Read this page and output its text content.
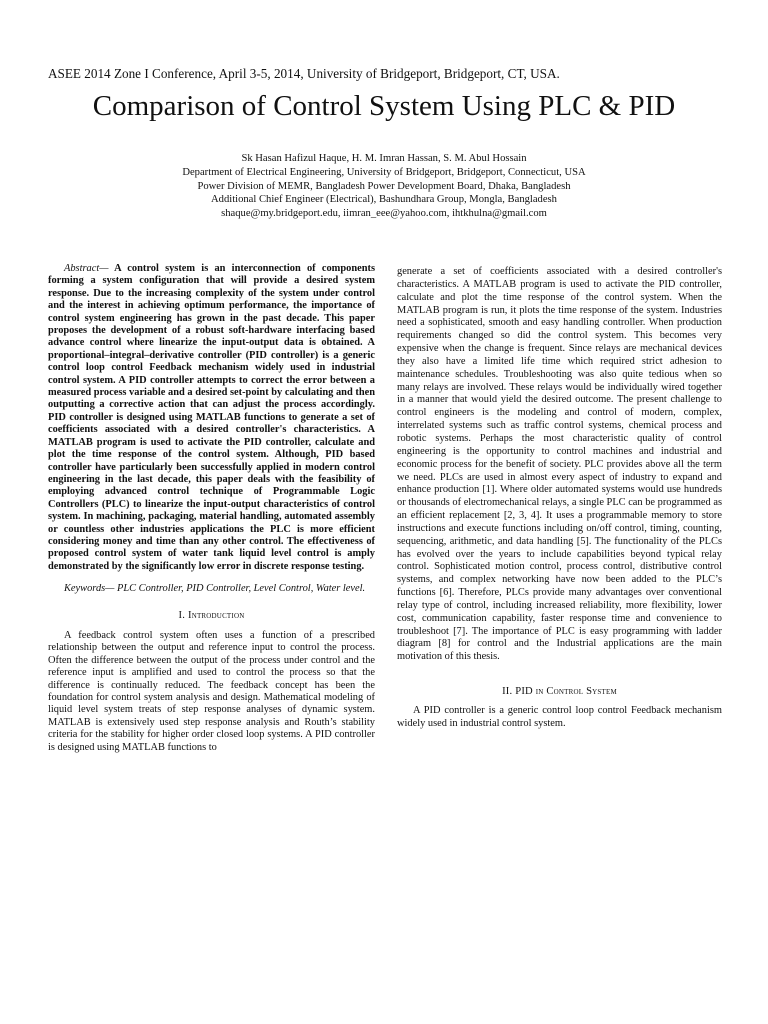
ASEE 2014 Zone I Conference, April 3-5, 2014, University of Bridgeport, Bridgeport, CT, USA.
Comparison of Control System Using PLC & PID
Sk Hasan Hafizul Haque, H. M. Imran Hassan, S. M. Abul Hossain
Department of Electrical Engineering, University of Bridgeport, Bridgeport, Connecticut, USA
Power Division of MEMR, Bangladesh Power Development Board, Dhaka, Bangladesh
Additional Chief Engineer (Electrical), Bashundhara Group, Mongla, Bangladesh
shaque@my.bridgeport.edu, iimran_eee@yahoo.com, ihtkhulna@gmail.com

Abstract— A control system is an interconnection of components forming a system configuration that will provide a desired system response. Due to the increasing complexity of the system under control and the interest in achieving optimum performance, the importance of control system engineering has grown in the past decade. This paper proposes the development of a robust soft-hardware interfacing based advance control where linearize the input-output data is obtained. A proportional–integral–derivative controller (PID controller) is a generic control loop control Feedback mechanism widely used in industrial control system. A PID controller attempts to correct the error between a measured process variable and a desired set-point by calculating and then outputting a corrective action that can adjust the process accordingly. PID controller is designed using MATLAB functions to generate a set of coefficients associated with a desired controller's characteristics. A MATLAB program is used to activate the PID controller, calculate and plot the time response of the control system. Although, PID based controller have particularly been successfully applied in modern control engineering in the last decade, this paper deals with the feasibility of employing advanced control technique of Programmable Logic Controllers (PLC) to linearize the input-output characteristics of control system. In machining, packaging, material handling, automated assembly or countless other industries applications the PLC is more efficient considering money and time than any other control. The effectiveness of proposed control system of water tank liquid level control is amply demonstrated by the significantly low error in discrete response testing.

Keywords— PLC Controller, PID Controller, Level Control, Water level.

I. Introduction

A feedback control system often uses a function of a prescribed relationship between the output and reference input to control the process. Often the difference between the output of the process under control and the reference input is amplified and used to control the process so that the difference is continually reduced. The feedback concept has been the foundation for control system analysis and design. Mathematical modeling of liquid level system treats of step response analyses of dynamic system. MATLAB is extensively used step response analysis and Routh’s stability criteria for the stability for higher order closed loop systems. A PID controller is designed using MATLAB functions to

generate a set of coefficients associated with a desired controller's characteristics. A MATLAB program is used to activate the PID controller, calculate and plot the time response of the control system. When the MATLAB program is run, it plots the time response of the system. Industries need a sophisticated, smooth and easy handling controller. When production requirements changed so did the control system. This becomes very expensive when the change is frequent. Since relays are mechanical devices they also have a limited life time which required strict adhesion to maintenance schedules. Troubleshooting was also quite tedious when so many relays are involved. These relays would be individually wired together in a manner that would yield the desired outcome. The present challenge to control engineers is the modeling and control of modern, complex, interrelated systems such as traffic control systems, chemical process and robotic systems. Perhaps the most characteristic quality of control engineering is the opportunity to control machines and industrial and economic process for the benefit of society. PLC provides above all the term we need. PLCs are used in almost every aspect of industry to expand and enhance production [1]. Where older automated systems would use hundreds or thousands of electromechanical relays, a single PLC can be programmed as an efficient replacement [2, 3, 4]. It uses a programmable memory to store instructions and execute functions including on/off control, timing, counting, sequencing, arithmetic, and data handling [5]. The functionality of the PLCs has evolved over the years to include capabilities beyond typical relay control. Sophisticated motion control, process control, distributive control systems, and complex networking have now been added to the PLC’s functions [6]. Therefore, PLCs provide many advantages over conventional relay type of control, including increased reliability, more flexibility, lower cost, communication capability, faster response time and convenience to troubleshoot [7]. The importance of PLC is easy programming with ladder diagram [8] for control and the Industrial applications are the main motivation of this thesis.

II. PID in Control System

A PID controller is a generic control loop control Feedback mechanism widely used in industrial control system.
